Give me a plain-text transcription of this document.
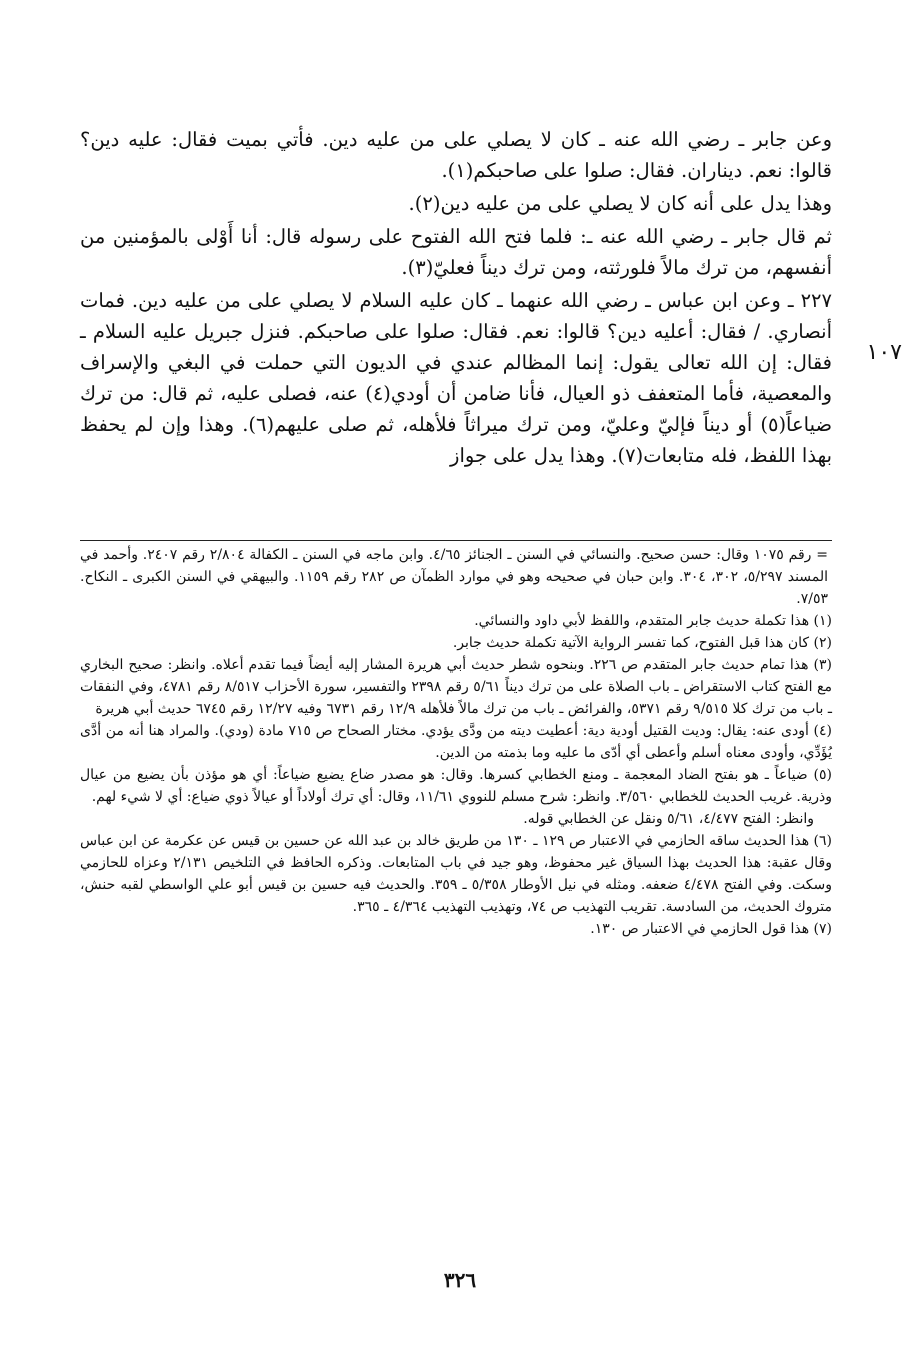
وعن جابر ـ رضي الله عنه ـ كان لا يصلي على من عليه دين. فأتي بميت فقال: عليه دين؟ قالوا: نعم. ديناران. فقال: صلوا على صاحبكم(١).

وهذا يدل على أنه كان لا يصلي على من عليه دين(٢).

ثم قال جابر ـ رضي الله عنه ـ: فلما فتح الله الفتوح على رسوله قال: أنا أَوْلى بالمؤمنين من أنفسهم، من ترك مالاً فلورثته، ومن ترك ديناً فعليّ(٣).

٢٢٧ ـ وعن ابن عباس ـ رضي الله عنهما ـ كان عليه السلام لا يصلي على من عليه دين. فمات أنصاري. / فقال: أعليه دين؟ قالوا: نعم. فقال: صلوا على صاحبكم. فنزل جبريل عليه السلام ـ فقال: إن الله تعالى يقول: إنما المظالم عندي في الديون التي حملت في البغي والإسراف والمعصية، فأما المتعفف ذو العيال، فأنا ضامن أن أودي(٤) عنه، فصلى عليه، ثم قال: من ترك ضياعاً(٥) أو ديناً فإليّ وعليّ، ومن ترك ميراثاً فلأهله، ثم صلى عليهم(٦). وهذا وإن لم يحفظ بهذا اللفظ، فله متابعات(٧). وهذا يدل على جواز

١٠٧

= رقم ١٠٧٥ وقال: حسن صحيح. والنسائي في السنن ـ الجنائز ٤/٦٥. وابن ماجه في السنن ـ الكفالة ٢/٨٠٤ رقم ٢٤٠٧. وأحمد في المسند ٥/٢٩٧، ٣٠٢، ٣٠٤. وابن حبان في صحيحه وهو في موارد الظمآن ص ٢٨٢ رقم ١١٥٩. والبيهقي في السنن الكبرى ـ النكاح. ٧/٥٣.

(١) هذا تكملة حديث جابر المتقدم، واللفظ لأبي داود والنسائي.

(٢) كان هذا قبل الفتوح، كما تفسر الرواية الآتية تكملة حديث جابر.

(٣) هذا تمام حديث جابر المتقدم ص ٢٢٦. وبنحوه شطر حديث أبي هريرة المشار إليه أيضاً فيما تقدم أعلاه. وانظر: صحيح البخاري مع الفتح كتاب الاستقراض ـ باب الصلاة على من ترك ديناً ٥/٦١ رقم ٢٣٩٨ والتفسير، سورة الأحزاب ٨/٥١٧ رقم ٤٧٨١، وفي النفقات ـ باب من ترك كلا ٩/٥١٥ رقم ٥٣٧١، والفرائض ـ باب من ترك مالاً فلأهله ١٢/٩ رقم ٦٧٣١ وفيه ١٢/٢٧ رقم ٦٧٤٥ حديث أبي هريرة

(٤) أودى عنه: يقال: وديت القتيل أودية دية: أعطيت ديته من ودَّى يؤدي. مختار الصحاح ص ٧١٥ مادة (ودي). والمراد هنا أنه من أدَّى يُؤَدِّي، وأودى معناه أسلم وأعطى أي أدّى ما عليه وما بذمته من الدين.

(٥) ضياعاً ـ هو بفتح الضاد المعجمة ـ ومنع الخطابي كسرها. وقال: هو مصدر ضاع يضيع ضياعاً: أي هو مؤذن بأن يضيع من عيال وذرية. غريب الحديث للخطابي ٣/٥٦٠. وانظر: شرح مسلم للنووي ١١/٦١، وقال: أي ترك أولاداً أو عيالاً ذوي ضياع: أي لا شيء لهم.

وانظر: الفتح ٤/٤٧٧، ٥/٦١ ونقل عن الخطابي قوله.

(٦) هذا الحديث ساقه الحازمي في الاعتبار ص ١٢٩ ـ ١٣٠ من طريق خالد بن عبد الله عن حسين بن قيس عن عكرمة عن ابن عباس وقال عقبة: هذا الحديث بهذا السياق غير محفوظ، وهو جيد في باب المتابعات. وذكره الحافظ في التلخيص ٢/١٣١ وعزاه للحازمي وسكت. وفي الفتح ٤/٤٧٨ ضعفه. ومثله في نيل الأوطار ٥/٣٥٨ ـ ٣٥٩. والحديث فيه حسين بن قيس أبو علي الواسطي لقبه حنش، متروك الحديث، من السادسة. تقريب التهذيب ص ٧٤، وتهذيب التهذيب ٤/٣٦٤ ـ ٣٦٥.

(٧) هذا قول الحازمي في الاعتبار ص ١٣٠.

٣٢٦
